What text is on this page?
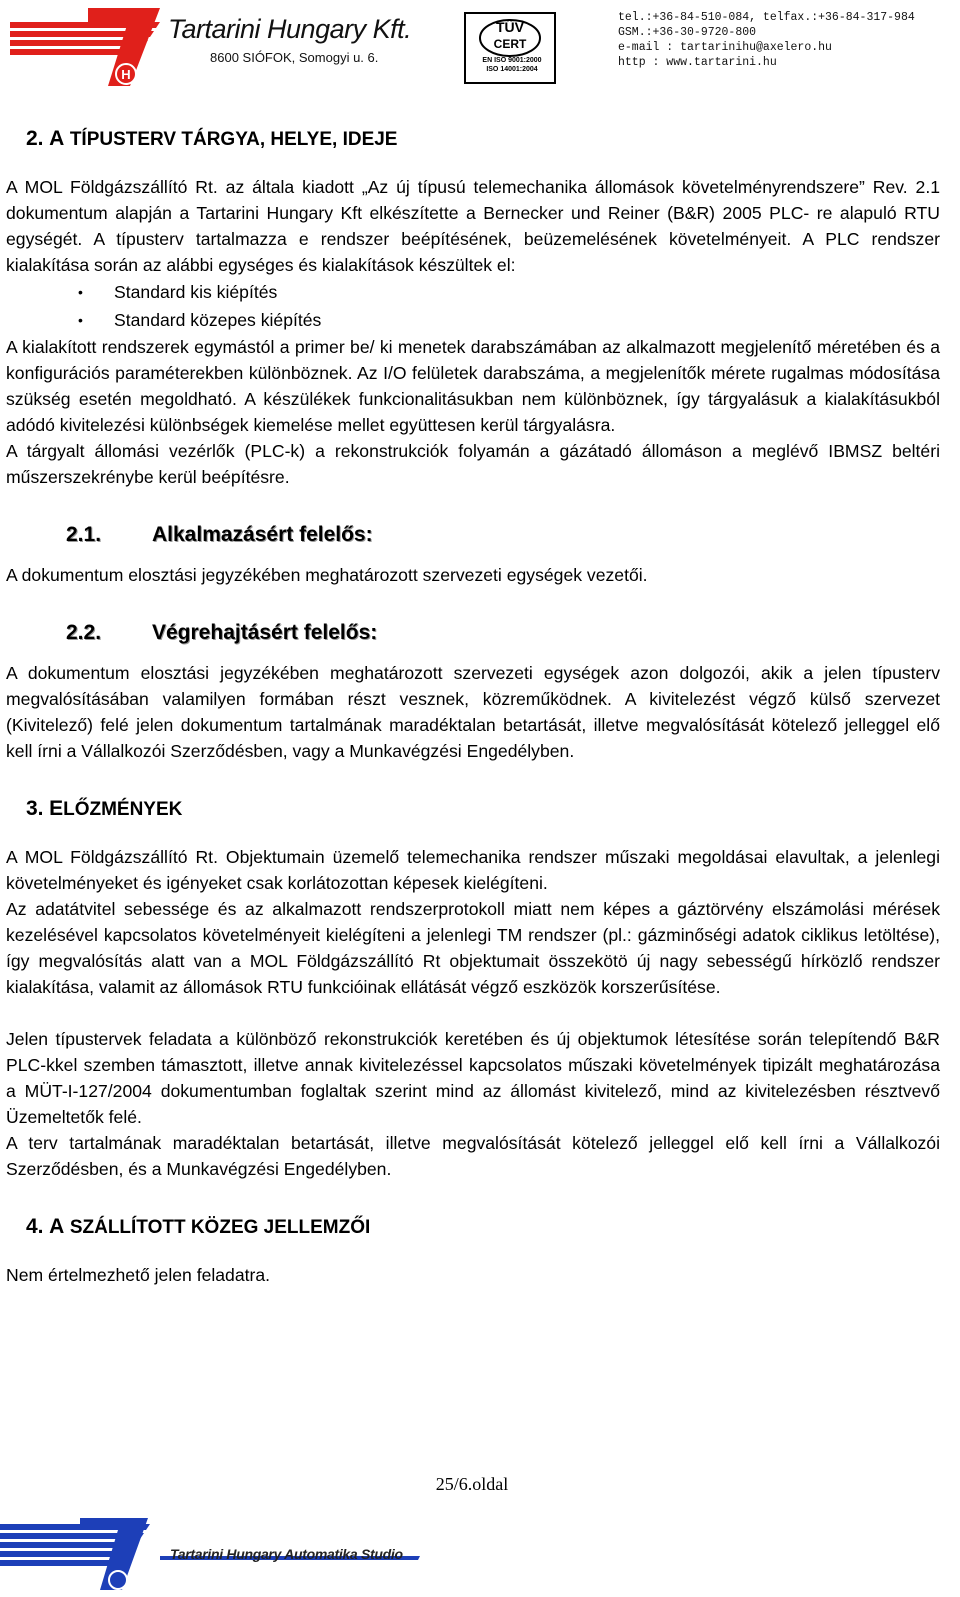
H
Tartarini Hungary Kft.
8600 SIÓFOK, Somogyi u. 6.
TÜV
CERT
EN ISO 9001:2000
ISO 14001:2004
tel.:+36-84-510-084, telfax.:+36-84-317-984
GSM.:+36-30-9720-800
e-mail : tartarinihu@axelero.hu
http : www.tartarini.hu
2. A TÍPUSTERV TÁRGYA, HELYE, IDEJE

A MOL Földgázszállító Rt. az általa kiadott „Az új típusú telemechanika állomások követelményrendszere” Rev. 2.1 dokumentum alapján a Tartarini Hungary Kft elkészítette a Bernecker und Reiner (B&R) 2005 PLC- re alapuló RTU egységét. A típusterv tartalmazza e rendszer beépítésének, beüzemelésének követelményeit. A PLC rendszer kialakítása során az alábbi egységes és kialakítások készültek el:

• Standard kis kiépítés
• Standard közepes kiépítés

A kialakított rendszerek egymástól a primer be/ ki menetek darabszámában az alkalmazott megjelenítő méretében és a konfigurációs paraméterekben különböznek. Az I/O felületek darabszáma, a megjelenítők mérete rugalmas módosítása szükség esetén megoldható. A készülékek funkcionalitásukban nem különböznek, így tárgyalásuk a kialakításukból adódó kivitelezési különbségek kiemelése mellet együttesen kerül tárgyalásra.

A tárgyalt állomási vezérlők (PLC-k) a rekonstrukciók folyamán a gázátadó állomáson a meglévő IBMSZ beltéri műszerszekrénybe kerül beépítésre.

2.1. Alkalmazásért felelős:

A dokumentum elosztási jegyzékében meghatározott szervezeti egységek vezetői.

2.2. Végrehajtásért felelős:

A dokumentum elosztási jegyzékében meghatározott szervezeti egységek azon dolgozói, akik a jelen típusterv megvalósításában valamilyen formában részt vesznek, közreműködnek. A kivitelezést végző külső szervezet (Kivitelező) felé jelen dokumentum tartalmának maradéktalan betartását, illetve megvalósítását kötelező jelleggel elő kell írni a Vállalkozói Szerződésben, vagy a Munkavégzési Engedélyben.

3. ELŐZMÉNYEK

A MOL Földgázszállító Rt. Objektumain üzemelő telemechanika rendszer műszaki megoldásai elavultak, a jelenlegi követelményeket és igényeket csak korlátozottan képesek kielégíteni.

Az adatátvitel sebessége és az alkalmazott rendszerprotokoll miatt nem képes a gáztörvény elszámolási mérések kezelésével kapcsolatos követelményeit kielégíteni a jelenlegi TM rendszer (pl.: gázminőségi adatok ciklikus letöltése), így megvalósítás alatt van a MOL Földgázszállító Rt objektumait összekötö új nagy sebességű hírközlő rendszer kialakítása, valamit az állomások RTU funkcióinak ellátását végző eszközök korszerűsítése.

Jelen típustervek feladata a különböző rekonstrukciók keretében és új objektumok létesítése során telepítendő B&R PLC-kkel szemben támasztott, illetve annak kivitelezéssel kapcsolatos műszaki követelmények tipizált meghatározása a MÜT-I-127/2004 dokumentumban foglaltak szerint mind az állomást kivitelező, mind az kivitelezésben résztvevő Üzemeltetők felé.

A terv tartalmának maradéktalan betartását, illetve megvalósítását kötelező jelleggel elő kell írni a Vállalkozói Szerződésben, és a Munkavégzési Engedélyben.

4. A SZÁLLÍTOTT KÖZEG JELLEMZŐI

Nem értelmezhető jelen feladatra.

25/6.oldal
Tartarini Hungary Automatika Studio
